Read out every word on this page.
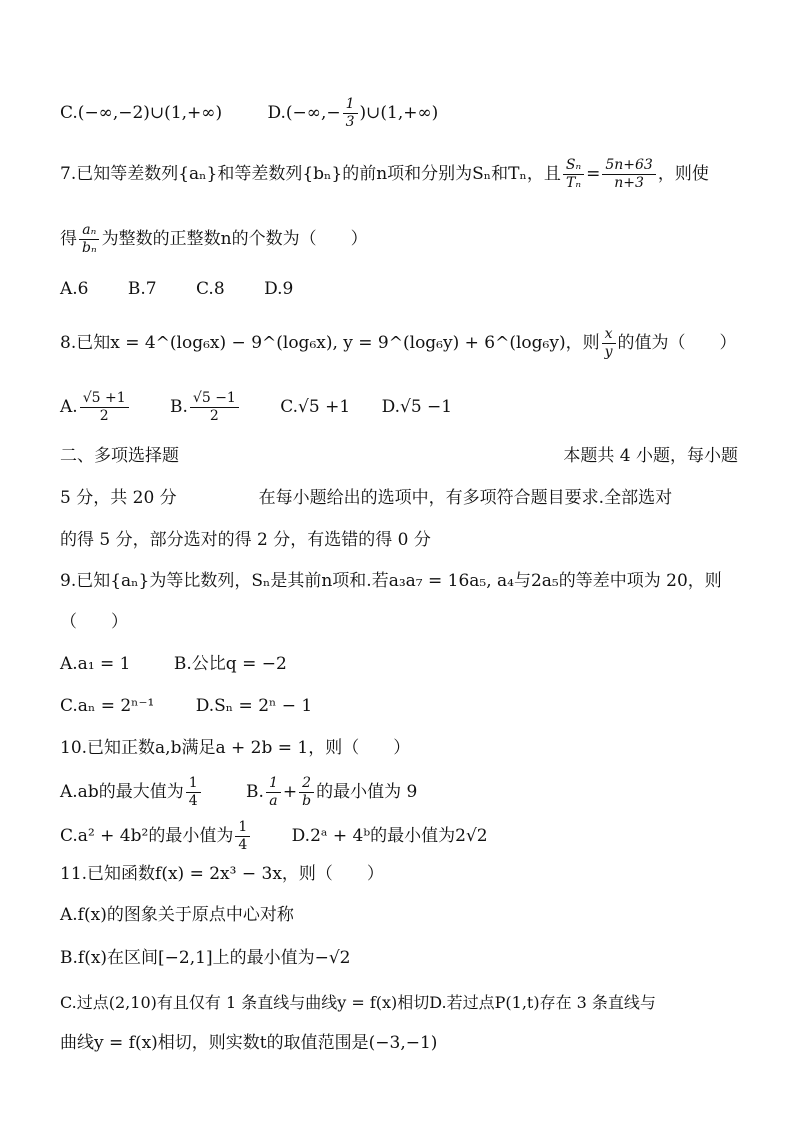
C.(−∞,−2)∪(1,+∞)	$D.(-\infty,- \frac{1}{3}$ )∪(1,+∞)
7.已知等差数列{aₙ}和等差数列{bₙ}的前n项和分别为Sₙ和Tₙ，且 $\frac{\text{Sₙ}}{\text{Tₙ}} = \frac{5n+63}{n+3}$ ，则使
得 $\frac{\text{aₙ}}{\text{bₙ}}$ 为整数的正整数n的个数为（　　）
A.6 B.7 C.8 D.9
8.已知x = 4^(log₆x) − 9^(log₆x), y = 9^(log₆y) + 6^(log₆y)，则 $\frac{x}{y}$ 的值为（　　）
A. $\frac{√5 +1}{2} B$. $\frac{√5 -1}{2} C.√5 +1$ D.√5 −1
二、多项选择题	本题共 4 小题，每小题
5 分，共 20 分	在每小题给出的选项中，有多项符合题目要求.全部选对
的得 5 分，部分选对的得 2 分，有选错的得 0 分
9.已知{aₙ}为等比数列，Sₙ是其前n项和.若a₃a₇ = 16a₅, a₄与2a₅的等差中项为 20，则
（　　）
A.a₁ = 1	B.公比q = −2
C.aₙ = 2ⁿ⁻¹ D.Sₙ = 2ⁿ − 1
10.已知正数a,b满足a + 2b = 1，则（　　）
A.ab的最大值为 $\frac{1}{4}$	B. $\frac{1}{a} + \frac{2}{b}$ 的最小值为 9
C.a² + 4b²的最小值为 $\frac{1}{4}$ D.2ᵃ + 4ᵇ的最小值为2√2
11.已知函数f(x) = 2x³ − 3x，则（　　）
A.f(x)的图象关于原点中心对称
B.f(x)在区间[−2,1]上的最小值为−√2
C.过点(2,10)有且仅有 1 条直线与曲线y = f(x)相切D.若过点P(1,t)存在 3 条直线与
曲线y = f(x)相切，则实数t的取值范围是(−3,−1)
